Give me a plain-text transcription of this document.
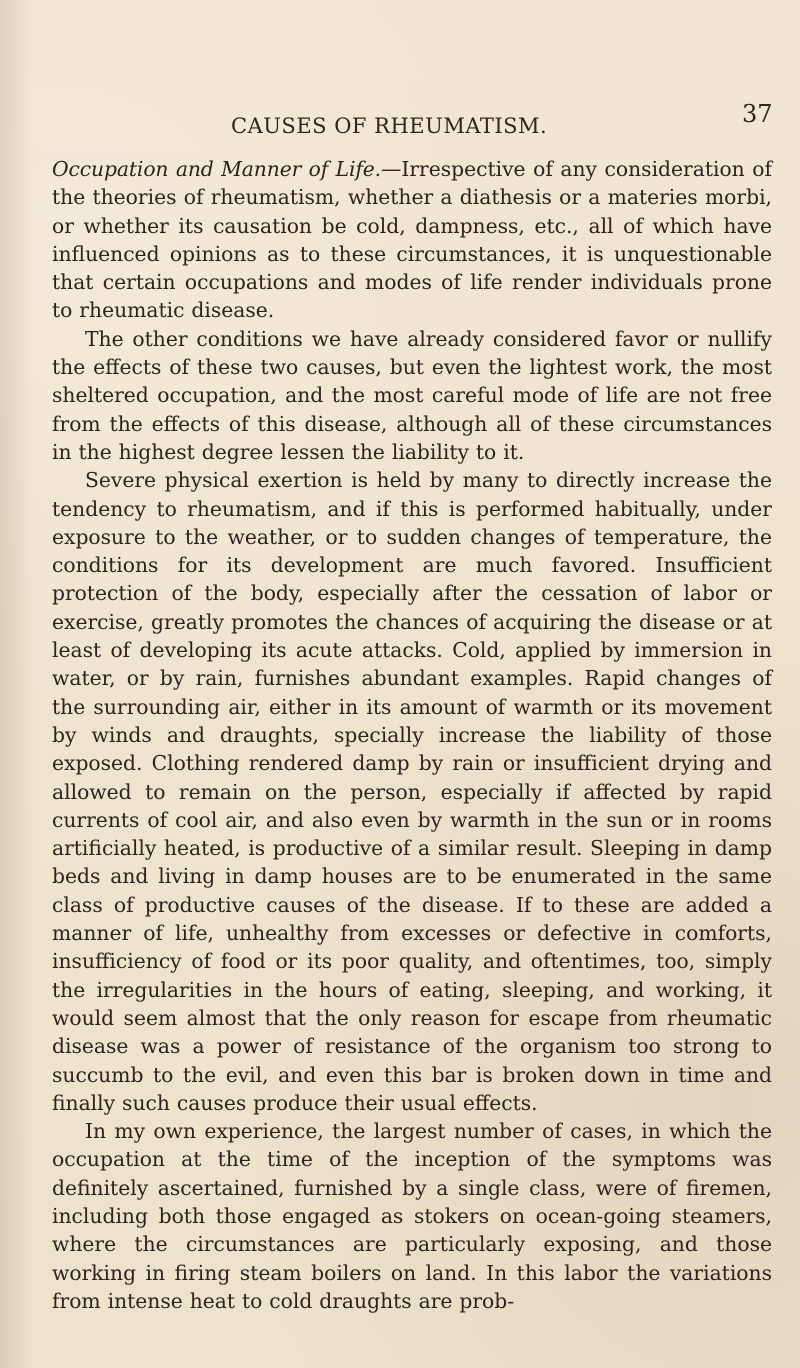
CAUSES OF RHEUMATISM.	37

Occupation and Manner of Life.—Irrespective of any consideration of the theories of rheumatism, whether a diathesis or a materies morbi, or whether its causation be cold, dampness, etc., all of which have influenced opinions as to these circumstances, it is unquestionable that certain occupations and modes of life render individuals prone to rheumatic disease.

The other conditions we have already considered favor or nullify the effects of these two causes, but even the lightest work, the most sheltered occupation, and the most careful mode of life are not free from the effects of this disease, although all of these circumstances in the highest degree lessen the liability to it.

Severe physical exertion is held by many to directly increase the tendency to rheumatism, and if this is performed habitually, under exposure to the weather, or to sudden changes of temperature, the conditions for its development are much favored. Insufficient protection of the body, especially after the cessation of labor or exercise, greatly promotes the chances of acquiring the disease or at least of developing its acute attacks. Cold, applied by immersion in water, or by rain, furnishes abundant examples. Rapid changes of the surrounding air, either in its amount of warmth or its movement by winds and draughts, specially increase the liability of those exposed. Clothing rendered damp by rain or insufficient drying and allowed to remain on the person, especially if affected by rapid currents of cool air, and also even by warmth in the sun or in rooms artificially heated, is productive of a similar result. Sleeping in damp beds and living in damp houses are to be enumerated in the same class of productive causes of the disease. If to these are added a manner of life, unhealthy from excesses or defective in comforts, insufficiency of food or its poor quality, and oftentimes, too, simply the irregularities in the hours of eating, sleeping, and working, it would seem almost that the only reason for escape from rheumatic disease was a power of resistance of the organism too strong to succumb to the evil, and even this bar is broken down in time and finally such causes produce their usual effects.

In my own experience, the largest number of cases, in which the occupation at the time of the inception of the symptoms was definitely ascertained, furnished by a single class, were of firemen, including both those engaged as stokers on ocean-going steamers, where the circumstances are particularly exposing, and those working in firing steam boilers on land. In this labor the variations from intense heat to cold draughts are prob-
